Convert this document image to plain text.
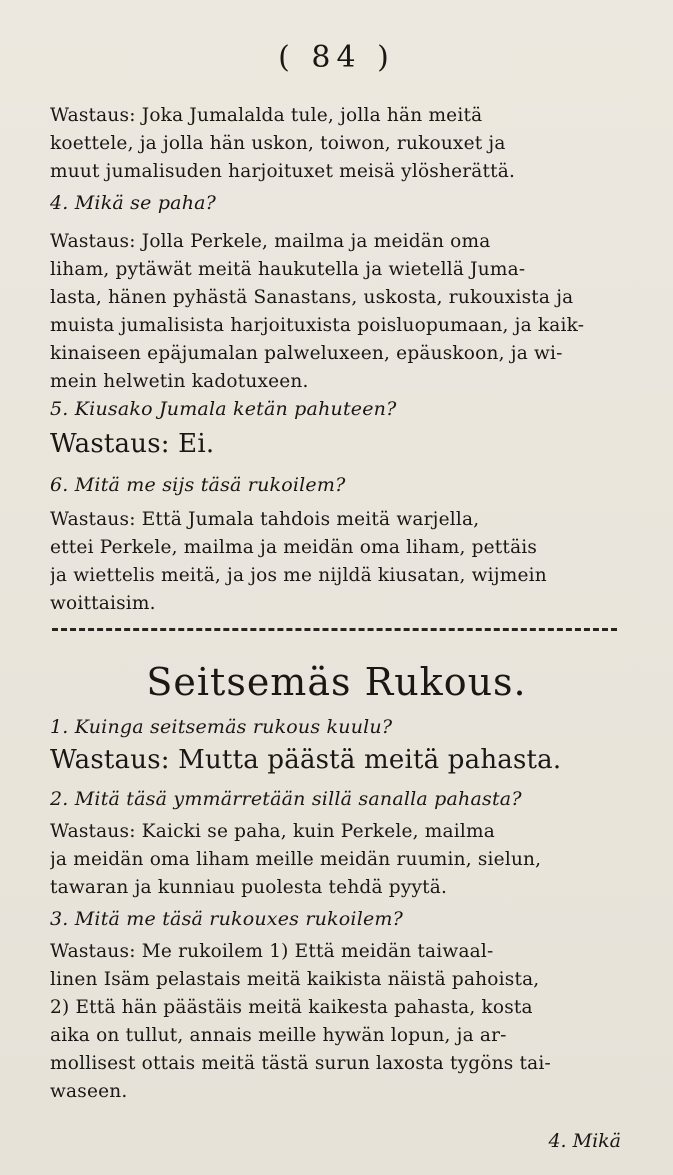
( 84 )
Wastaus: Joka Jumalalda tule, jolla hän meitä
koettele, ja jolla hän uskon, toiwon, rukouxet ja
muut jumalisuden harjoituxet meisä ylösherättä.
4. Mikä se paha?
Wastaus: Jolla Perkele, mailma ja meidän oma
liham, pytäwät meitä haukutella ja wietellä Juma-
lasta, hänen pyhästä Sanastans, uskosta, rukouxista ja
muista jumalisista harjoituxista poisluopumaan, ja kaik-
kinaiseen epäjumalan palweluxeen, epäuskoon, ja wi-
mein helwetin kadotuxeen.
5. Kiusako Jumala ketän pahuteen?
Wastaus: Ei.
6. Mitä me sijs täsä rukoilem?
Wastaus: Että Jumala tahdois meitä warjella,
ettei Perkele, mailma ja meidän oma liham, pettäis
ja wiettelis meitä, ja jos me nijldä kiusatan, wijmein
woittaisim.
Seitsemäs Rukous.
1. Kuinga seitsemäs rukous kuulu?
Wastaus: Mutta päästä meitä pahasta.
2. Mitä täsä ymmärretään sillä sanalla pahasta?
Wastaus: Kaicki se paha, kuin Perkele, mailma
ja meidän oma liham meille meidän ruumin, sielun,
tawaran ja kunniau puolesta tehdä pyytä.
3. Mitä me täsä rukouxes rukoilem?
Wastaus: Me rukoilem 1) Että meidän taiwaal-
linen Isäm pelastais meitä kaikista näistä pahoista,
2) Että hän päästäis meitä kaikesta pahasta, kosta
aika on tullut, annais meille hywän lopun, ja ar-
mollisest ottais meitä tästä surun laxosta tygöns tai-
waseen.
4. Mikä
